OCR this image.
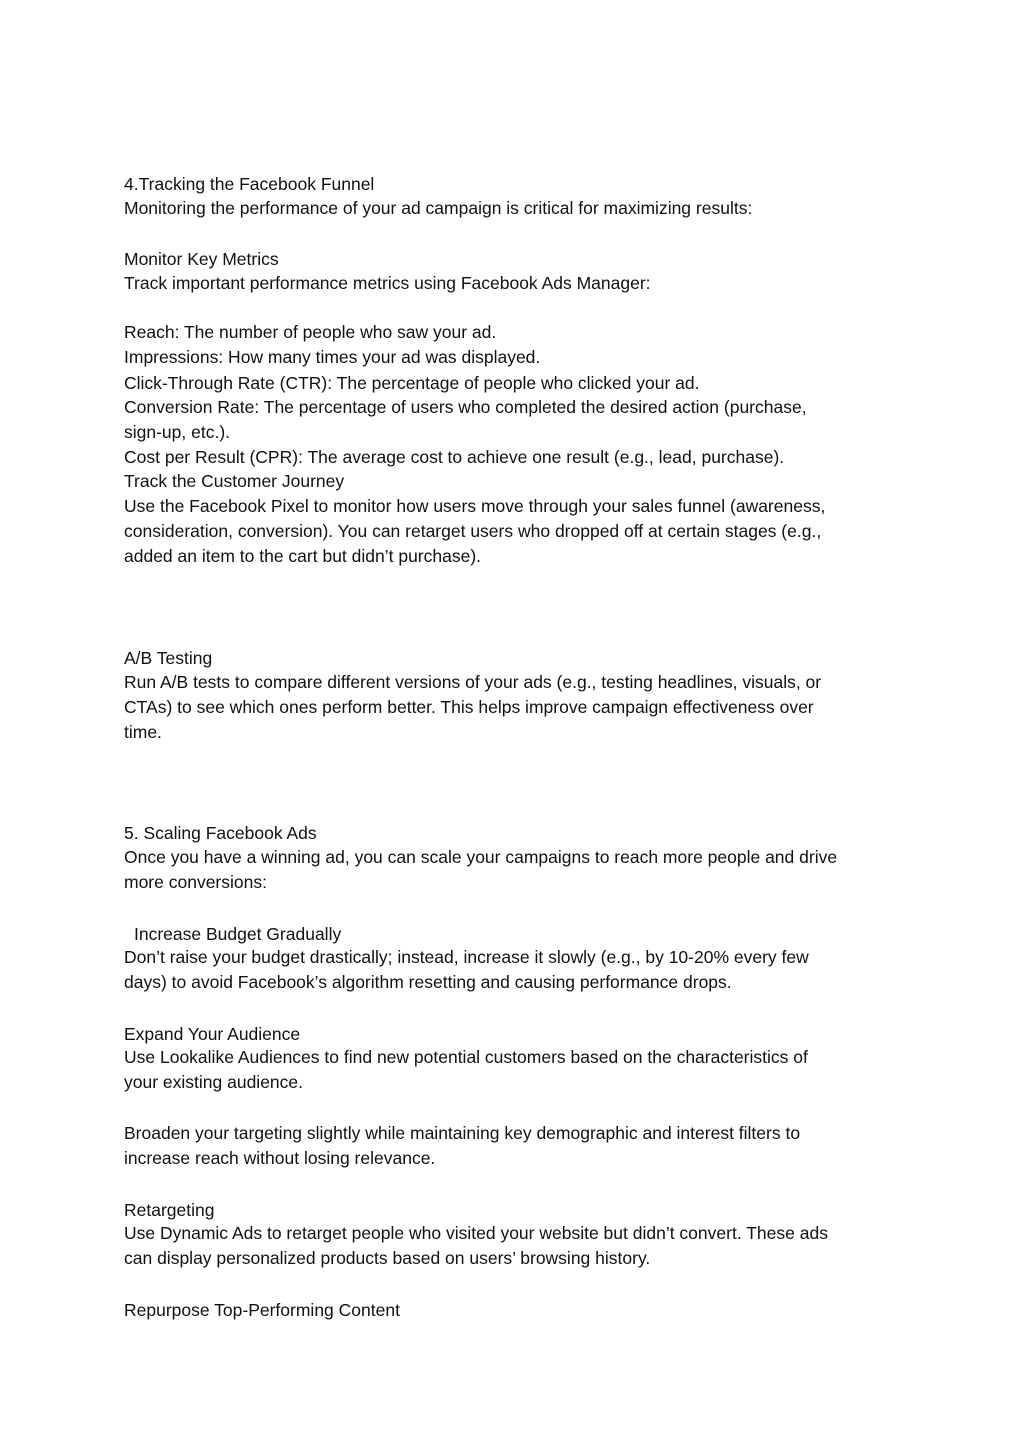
4.Tracking the Facebook Funnel

Monitoring the performance of your ad campaign is critical for maximizing results:

Monitor Key Metrics

Track important performance metrics using Facebook Ads Manager:

Reach: The number of people who saw your ad.

Impressions: How many times your ad was displayed.

Click-Through Rate (CTR): The percentage of people who clicked your ad.

Conversion Rate: The percentage of users who completed the desired action (purchase,

sign-up, etc.).

Cost per Result (CPR): The average cost to achieve one result (e.g., lead, purchase).

Track the Customer Journey

Use the Facebook Pixel to monitor how users move through your sales funnel (awareness,

consideration, conversion). You can retarget users who dropped off at certain stages (e.g.,

added an item to the cart but didn’t purchase).

A/B Testing

Run A/B tests to compare different versions of your ads (e.g., testing headlines, visuals, or

CTAs) to see which ones perform better. This helps improve campaign effectiveness over

time.

5. Scaling Facebook Ads

Once you have a winning ad, you can scale your campaigns to reach more people and drive

more conversions:

Increase Budget Gradually

Don’t raise your budget drastically; instead, increase it slowly (e.g., by 10-20% every few

days) to avoid Facebook’s algorithm resetting and causing performance drops.

Expand Your Audience

Use Lookalike Audiences to find new potential customers based on the characteristics of

your existing audience.

Broaden your targeting slightly while maintaining key demographic and interest filters to

increase reach without losing relevance.

Retargeting

Use Dynamic Ads to retarget people who visited your website but didn’t convert. These ads

can display personalized products based on users’ browsing history.

Repurpose Top-Performing Content
